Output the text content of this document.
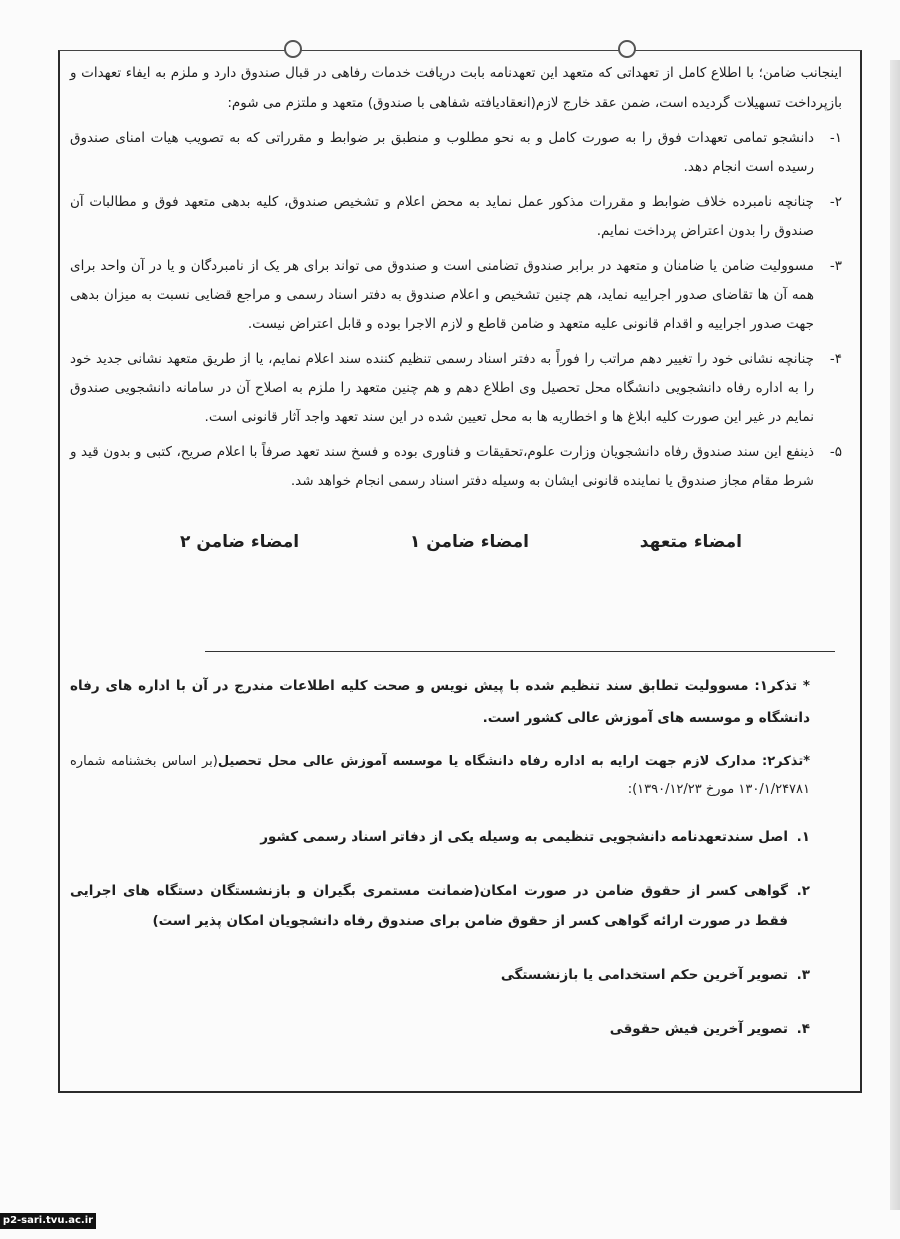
اینجانب ضامن؛ با اطلاع کامل از تعهداتی که متعهد این تعهدنامه بابت دریافت خدمات رفاهی در قبال صندوق دارد و ملزم به ایفاء تعهدات و بازپرداخت تسهیلات گردیده است، ضمن عقد خارج لازم(انعقادیافته شفاهی با صندوق) متعهد و ملتزم می شوم:

۱-
دانشجو تمامی تعهدات فوق را به صورت کامل و به نحو مطلوب و منطبق بر ضوابط و مقرراتی که به تصویب هیات امنای صندوق رسیده است انجام دهد.
۲-
چنانچه نامبرده خلاف ضوابط و مقررات مذکور عمل نماید به محض اعلام و تشخیص صندوق، کلیه بدهی متعهد فوق و مطالبات آن صندوق را بدون اعتراض پرداخت نمایم.
۳-
مسوولیت ضامن یا ضامنان و متعهد در برابر صندوق تضامنی است و صندوق می تواند برای هر یک از نامبردگان و یا در آن واحد برای همه آن ها تقاضای صدور اجراییه نماید، هم چنین تشخیص و اعلام صندوق به دفتر اسناد رسمی و مراجع قضایی نسبت به میزان بدهی جهت صدور اجراییه و اقدام قانونی علیه متعهد و ضامن قاطع و لازم الاجرا بوده و قابل اعتراض نیست.
۴-
چنانچه نشانی خود را تغییر دهم مراتب را فوراً به دفتر اسناد رسمی تنظیم کننده سند اعلام نمایم، یا از طریق متعهد نشانی جدید خود را به اداره رفاه دانشجویی دانشگاه محل تحصیل وی اطلاع دهم و هم چنین متعهد را ملزم به اصلاح آن در سامانه دانشجویی صندوق نمایم در غیر این صورت کلیه ابلاغ ها و اخطاریه ها به محل تعیین شده در این سند تعهد واجد آثار قانونی است.
۵-
ذینفع این سند صندوق رفاه دانشجویان وزارت علوم،تحقیقات و فناوری بوده و فسخ سند تعهد صرفاً با اعلام صریح، کتبی و بدون قید و شرط مقام مجاز صندوق یا نماینده قانونی ایشان به وسیله دفتر اسناد رسمی انجام خواهد شد.
امضاء متعهد
امضاء ضامن ۱
امضاء ضامن ۲

* تذکر۱: مسوولیت تطابق سند تنظیم شده با پیش نویس و صحت کلیه اطلاعات مندرج در آن با اداره های رفاه دانشگاه و موسسه های آموزش عالی کشور است.

*تذکر۲: مدارک لازم جهت ارایه به اداره رفاه دانشگاه یا موسسه آموزش عالی محل تحصیل(بر اساس بخشنامه شماره ۱۳۰/۱/۲۴۷۸۱ مورخ ۱۳۹۰/۱۲/۲۳):

۱.
اصل سندتعهدنامه دانشجویی تنظیمی به وسیله یکی از دفاتر اسناد رسمی کشور
۲.
گواهی کسر از حقوق ضامن در صورت امکان(ضمانت مستمری بگیران و بازنشستگان دستگاه های اجرایی فقط در صورت ارائه گواهی کسر از حقوق ضامن برای صندوق رفاه دانشجویان امکان پذیر است)
۳.
تصویر آخرین حکم استخدامی یا بازنشستگی
۴.
تصویر آخرین فیش حقوقی
p2-sari.tvu.ac.ir
